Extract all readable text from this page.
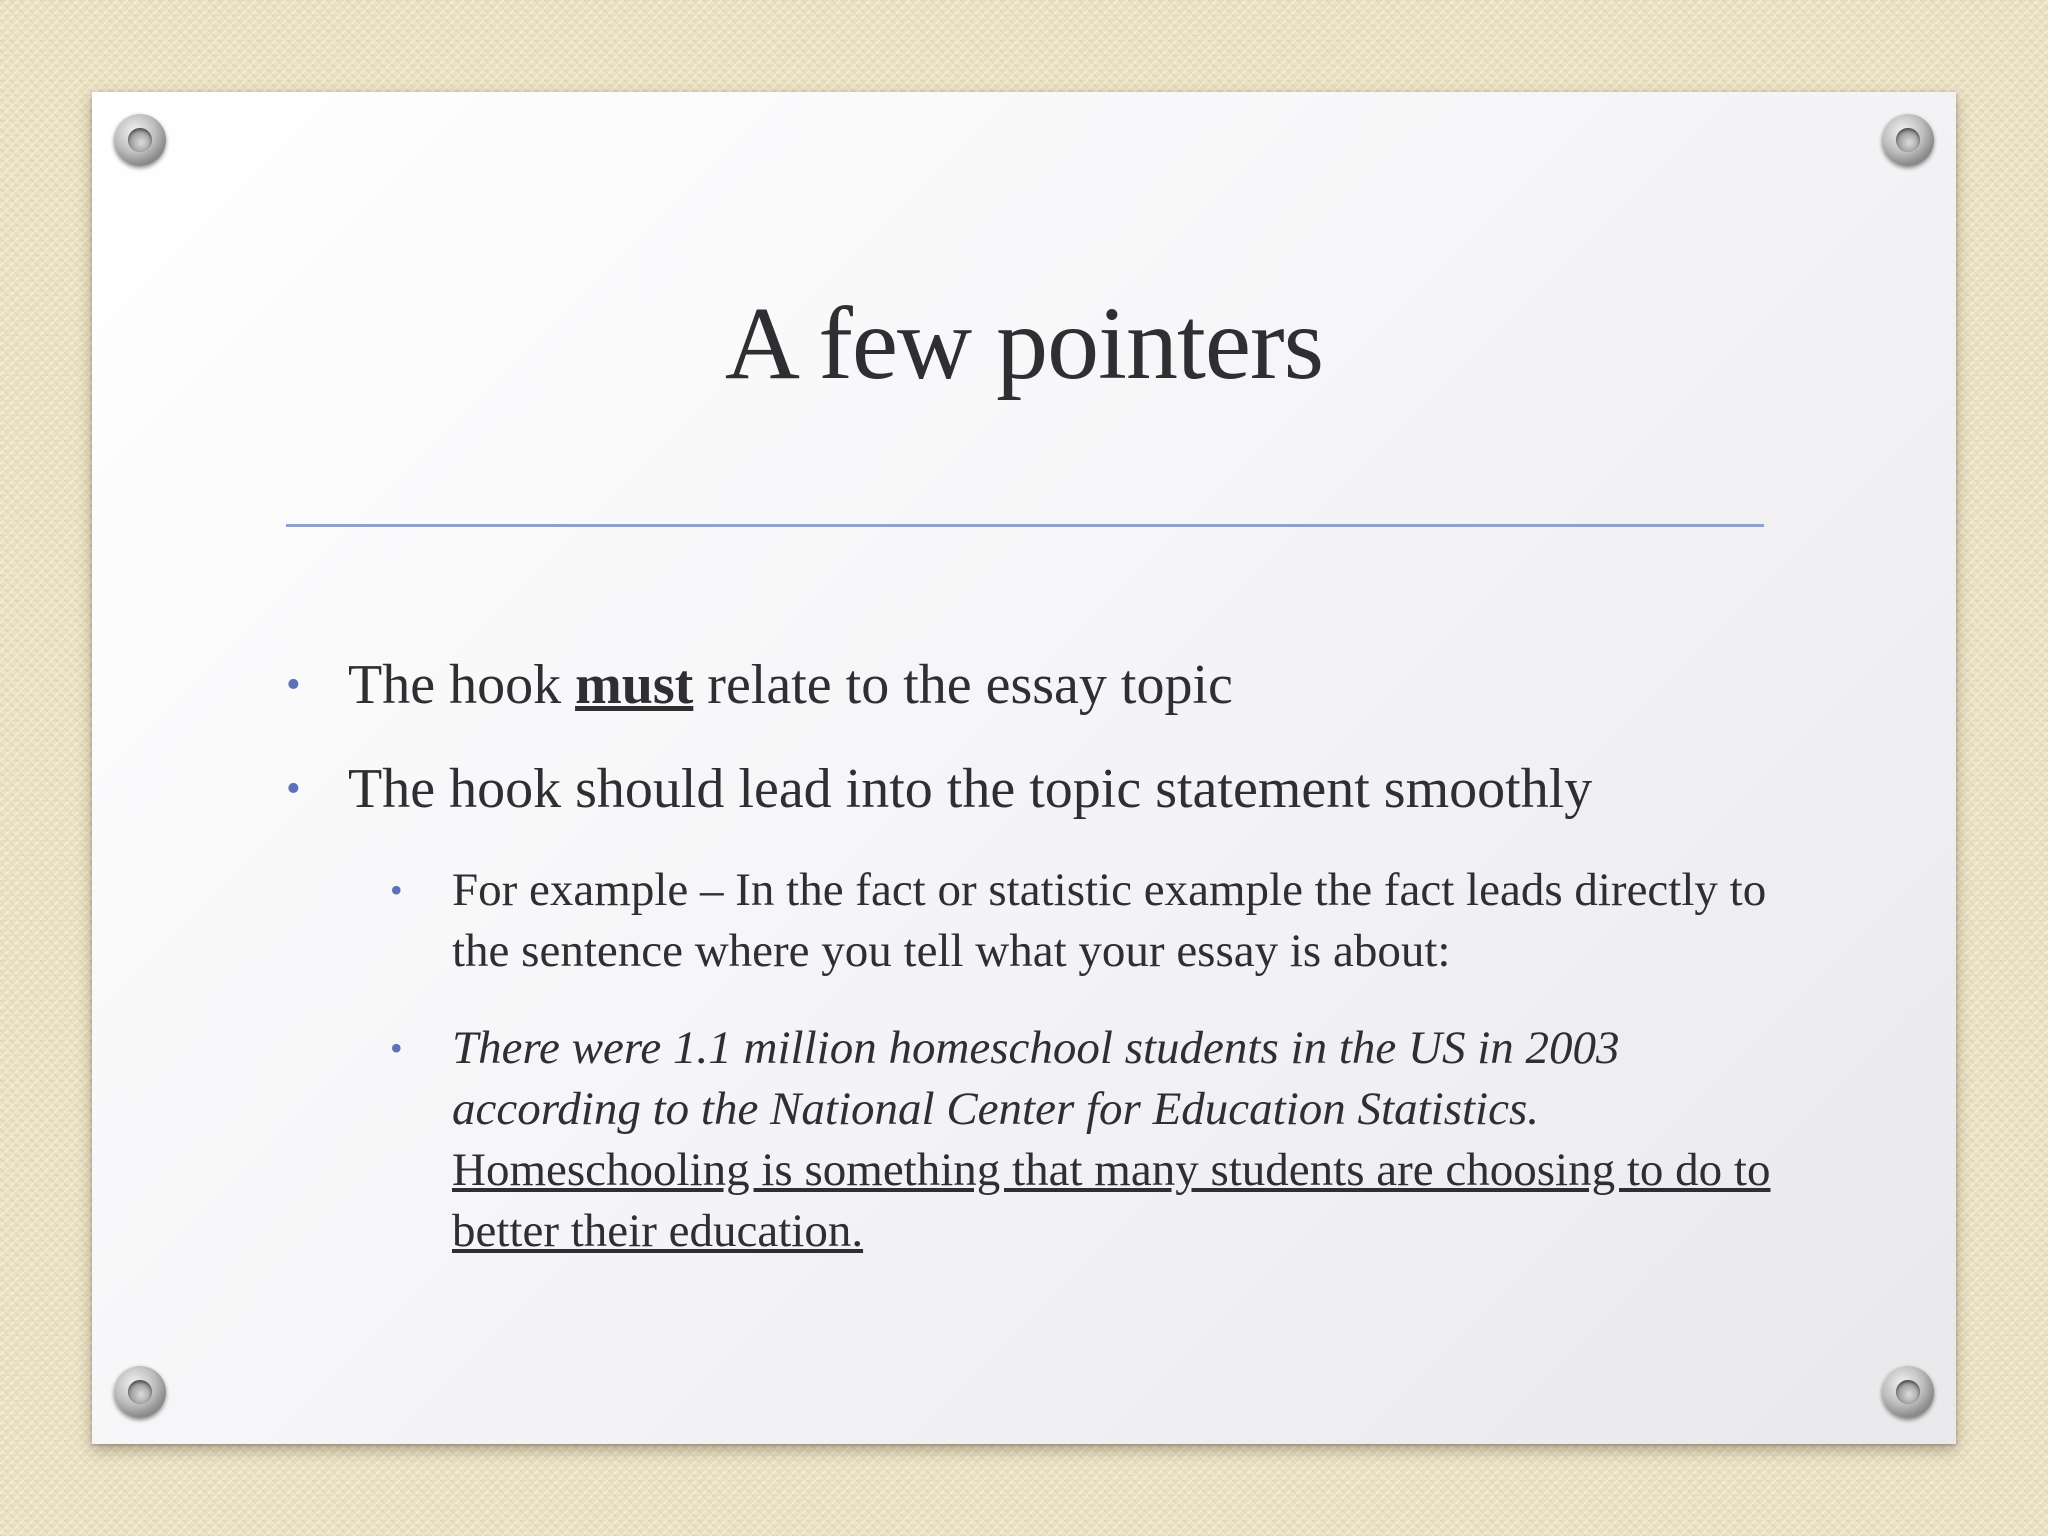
A few pointers

• The hook must relate to the essay topic

• The hook should lead into the topic statement smoothly

• For example – In the fact or statistic example the fact leads directly to the sentence where you tell what your essay is about:

• There were 1.1 million homeschool students in the US in 2003 according to the National Center for Education Statistics. Homeschooling is something that many students are choosing to do to better their education.
